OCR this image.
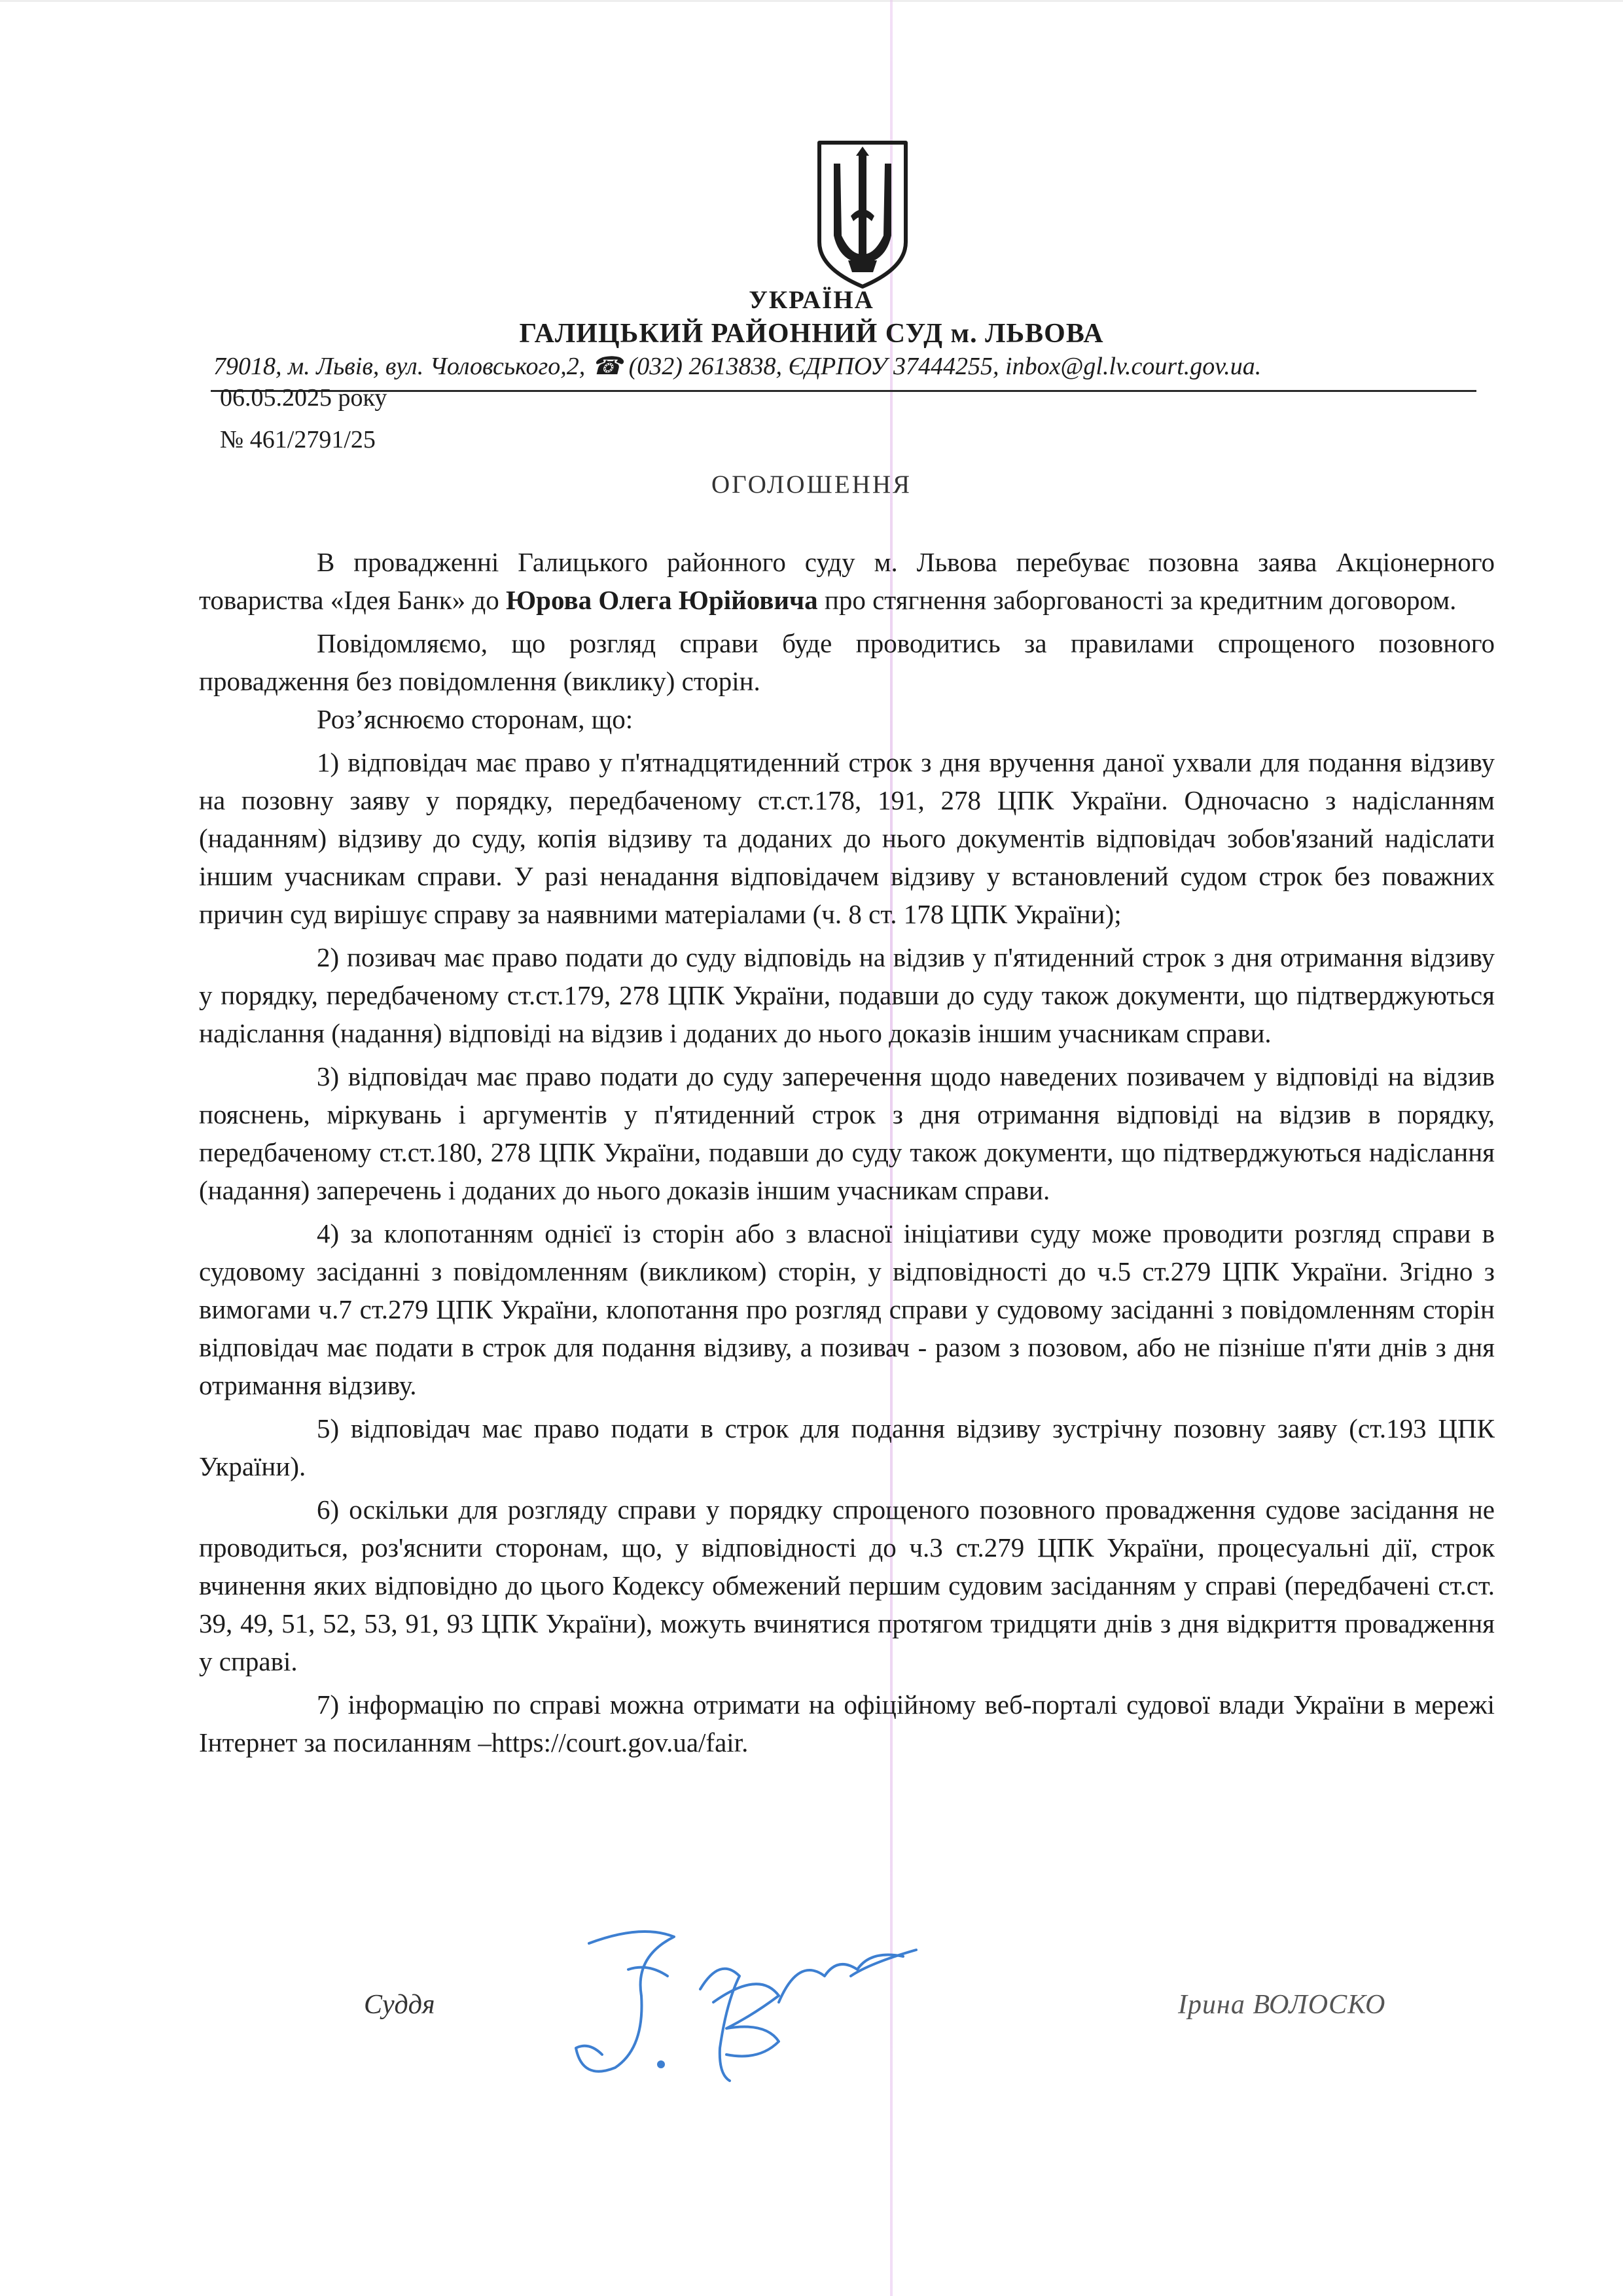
УКРАЇНА
ГАЛИЦЬКИЙ РАЙОННИЙ СУД м. ЛЬВОВА
79018, м. Львів, вул. Чоловського,2, ☎ (032) 2613838, ЄДРПОУ 37444255, inbox@gl.lv.court.gov.ua.
06.05.2025 року
№ 461/2791/25
ОГОЛОШЕННЯ

В провадженні Галицького районного суду м. Львова перебуває позовна заява Акціонерного товариства «Ідея Банк» до Юрова Олега Юрійовича про стягнення заборгованості за кредитним договором.

Повідомляємо, що розгляд справи буде проводитись за правилами спрощеного позовного провадження без повідомлення (виклику) сторін.

Роз’яснюємо сторонам, що:

1) відповідач має право у п'ятнадцятиденний строк з дня вручення даної ухвали для подання відзиву на позовну заяву у порядку, передбаченому ст.ст.178, 191, 278 ЦПК України. Одночасно з надісланням (наданням) відзиву до суду, копія відзиву та доданих до нього документів відповідач зобов'язаний надіслати іншим учасникам справи. У разі ненадання відповідачем відзиву у встановлений судом строк без поважних причин суд вирішує справу за наявними матеріалами (ч. 8 ст. 178 ЦПК України);

2) позивач має право подати до суду відповідь на відзив у п'ятиденний строк з дня отримання відзиву у порядку, передбаченому ст.ст.179, 278 ЦПК України, подавши до суду також документи, що підтверджуються надіслання (надання) відповіді на відзив і доданих до нього доказів іншим учасникам справи.

3) відповідач має право подати до суду заперечення щодо наведених позивачем у відповіді на відзив пояснень, міркувань і аргументів у п'ятиденний строк з дня отримання відповіді на відзив в порядку, передбаченому ст.ст.180, 278 ЦПК України, подавши до суду також документи, що підтверджуються надіслання (надання) заперечень і доданих до нього доказів іншим учасникам справи.

4) за клопотанням однієї із сторін або з власної ініціативи суду може проводити розгляд справи в судовому засіданні з повідомленням (викликом) сторін, у відповідності до ч.5 ст.279 ЦПК України. Згідно з вимогами ч.7 ст.279 ЦПК України, клопотання про розгляд справи у судовому засіданні з повідомленням сторін відповідач має подати в строк для подання відзиву, а позивач - разом з позовом, або не пізніше п'яти днів з дня отримання відзиву.

5) відповідач має право подати в строк для подання відзиву зустрічну позовну заяву (ст.193 ЦПК України).

6) оскільки для розгляду справи у порядку спрощеного позовного провадження судове засідання не проводиться, роз'яснити сторонам, що, у відповідності до ч.3 ст.279 ЦПК України, процесуальні дії, строк вчинення яких відповідно до цього Кодексу обмежений першим судовим засіданням у справі (передбачені ст.ст. 39, 49, 51, 52, 53, 91, 93 ЦПК України), можуть вчинятися протягом тридцяти днів з дня відкриття провадження у справі.

7) інформацію по справі можна отримати на офіційному веб-порталі судової влади України в мережі Інтернет за посиланням –https://court.gov.ua/fair.

Суддя	Ірина ВОЛОСКО
